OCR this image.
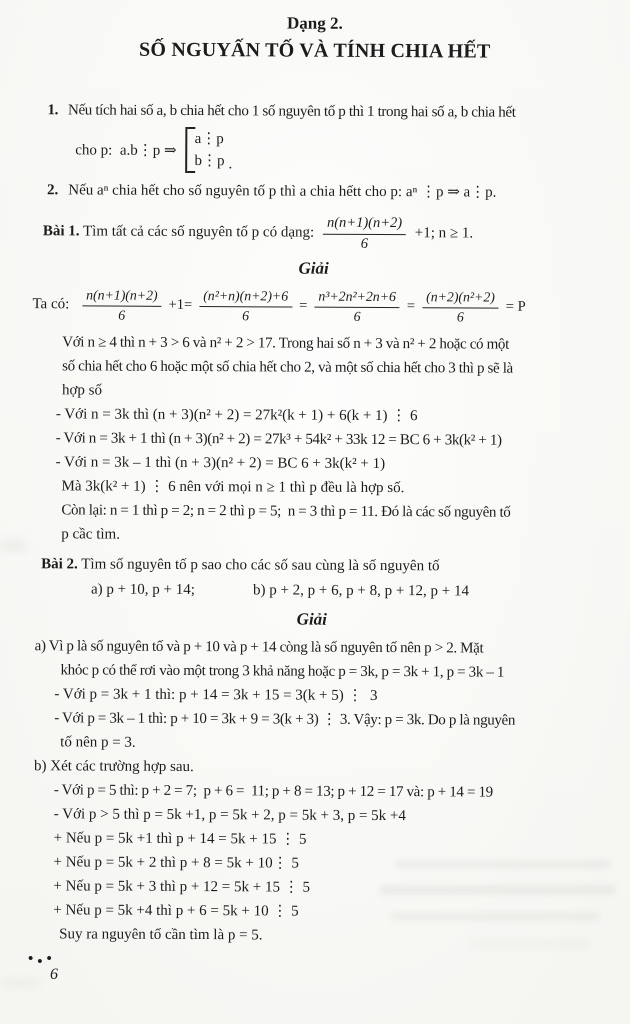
Dạng 2.
SỐ NGUYẤN TỐ VÀ TÍNH CHIA HẾT
1. Nếu tích hai số a, b chia hết cho 1 số nguyên tố p thì 1 trong hai số a, b chia hết
cho p:  a.b⋮p ⇒
a⋮p
b⋮p .
2. Nếu aⁿ chia hết cho số nguyên tố p thì a chia hếtt cho p: aⁿ ⋮p ⇒ a⋮p.
Bài 1. Tìm tất cả các số nguyên tố p có dạng: $\frac{n(n+1)(n+2)}{6} +1$; n ≥ 1.
Giải
Ta có: $\frac{n(n+1)(n+2)}{6} +1= \frac{\text{(n²+n)(n+2)+6}}{6} = \frac{\text{n³+2n²+2n+6}}{6} = \frac{\text{(n+2)(n²+2)}}{6} = P$
Với n ≥ 4 thì n + 3 > 6 và n² + 2 > 17. Trong hai số n + 3 và n² + 2 hoặc có một
số chia hết cho 6 hoặc một số chia hết cho 2, và một số chia hết cho 3 thì p sẽ là
hợp số
- Với n = 3k thì (n + 3)(n² + 2) = 27k²(k + 1) + 6(k + 1) ⋮ 6
- Với n = 3k + 1 thì (n + 3)(n² + 2) = 27k³ + 54k² + 33k 12 = BC 6 + 3k(k² + 1)
- Với n = 3k – 1 thì (n + 3)(n² + 2) = BC 6 + 3k(k² + 1)
Mà 3k(k² + 1) ⋮ 6 nên với mọi n ≥ 1 thì p đều là hợp số.
Còn lại: n = 1 thì p = 2; n = 2 thì p = 5;  n = 3 thì p = 11. Đó là các số nguyên tố
p cầc tìm.
Bài 2. Tìm số nguyên tố p sao cho các số sau cùng là số nguyên tố
a) p + 10, p + 14;	b) p + 2, p + 6, p + 8, p + 12, p + 14
Giải
a) Vì p là số nguyên tố và p + 10 và p + 14 còng là số nguyên tố nên p > 2. Mặt
khỏc p có thể rơi vào một trong 3 khả năng hoặc p = 3k, p = 3k + 1, p = 3k – 1
- Với p = 3k + 1 thì: p + 14 = 3k + 15 = 3(k + 5) ⋮  3
- Với p = 3k – 1 thì: p + 10 = 3k + 9 = 3(k + 3) ⋮ 3. Vậy: p = 3k. Do p là nguyên
tố nên p = 3.
b) Xét các trường hợp sau.
- Với p = 5 thì: p + 2 = 7;  p + 6 =  11; p + 8 = 13; p + 12 = 17 và: p + 14 = 19
- Với p > 5 thì p = 5k +1, p = 5k + 2, p = 5k + 3, p = 5k +4
+ Nếu p = 5k +1 thì p + 14 = 5k + 15 ⋮ 5
+ Nếu p = 5k + 2 thì p + 8 = 5k + 10⋮ 5
+ Nếu p = 5k + 3 thì p + 12 = 5k + 15 ⋮ 5
+ Nếu p = 5k +4 thì p + 6 = 5k + 10 ⋮ 5
Suy ra nguyên tố cần tìm là p = 5.
•••
6
